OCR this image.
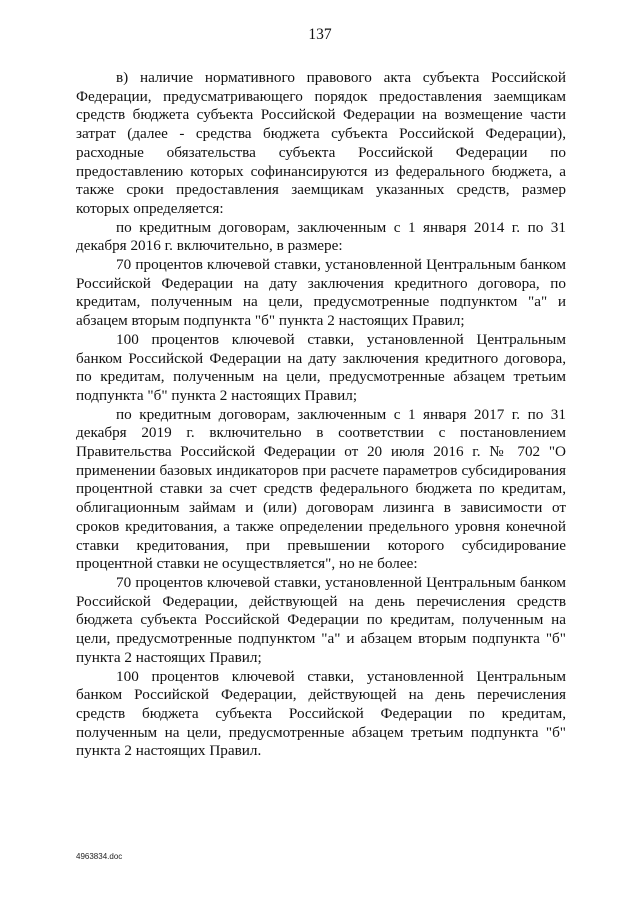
137

в) наличие нормативного правового акта субъекта Российской Федерации, предусматривающего порядок предоставления заемщикам средств бюджета субъекта Российской Федерации на возмещение части затрат (далее - средства бюджета субъекта Российской Федерации), расходные обязательства субъекта Российской Федерации по предоставлению которых софинансируются из федерального бюджета, а также сроки предоставления заемщикам указанных средств, размер которых определяется:

по кредитным договорам, заключенным с 1 января 2014 г. по 31 декабря 2016 г. включительно, в размере:

70 процентов ключевой ставки, установленной Центральным банком Российской Федерации на дату заключения кредитного договора, по кредитам, полученным на цели, предусмотренные подпунктом "а" и абзацем вторым подпункта "б" пункта 2 настоящих Правил;

100 процентов ключевой ставки, установленной Центральным банком Российской Федерации на дату заключения кредитного договора, по кредитам, полученным на цели, предусмотренные абзацем третьим подпункта "б" пункта 2 настоящих Правил;

по кредитным договорам, заключенным с 1 января 2017 г. по 31 декабря 2019 г. включительно в соответствии с постановлением Правительства Российской Федерации от 20 июля 2016 г. № 702 "О применении базовых индикаторов при расчете параметров субсидирования процентной ставки за счет средств федерального бюджета по кредитам, облигационным займам и (или) договорам лизинга в зависимости от сроков кредитования, а также определении предельного уровня конечной ставки кредитования, при превышении которого субсидирование процентной ставки не осуществляется", но не более:

70 процентов ключевой ставки, установленной Центральным банком Российской Федерации, действующей на день перечисления средств бюджета субъекта Российской Федерации по кредитам, полученным на цели, предусмотренные подпунктом "а" и абзацем вторым подпункта "б" пункта 2 настоящих Правил;

100 процентов ключевой ставки, установленной Центральным банком Российской Федерации, действующей на день перечисления средств бюджета субъекта Российской Федерации по кредитам, полученным на цели, предусмотренные абзацем третьим подпункта "б" пункта 2 настоящих Правил.

4963834.doc
